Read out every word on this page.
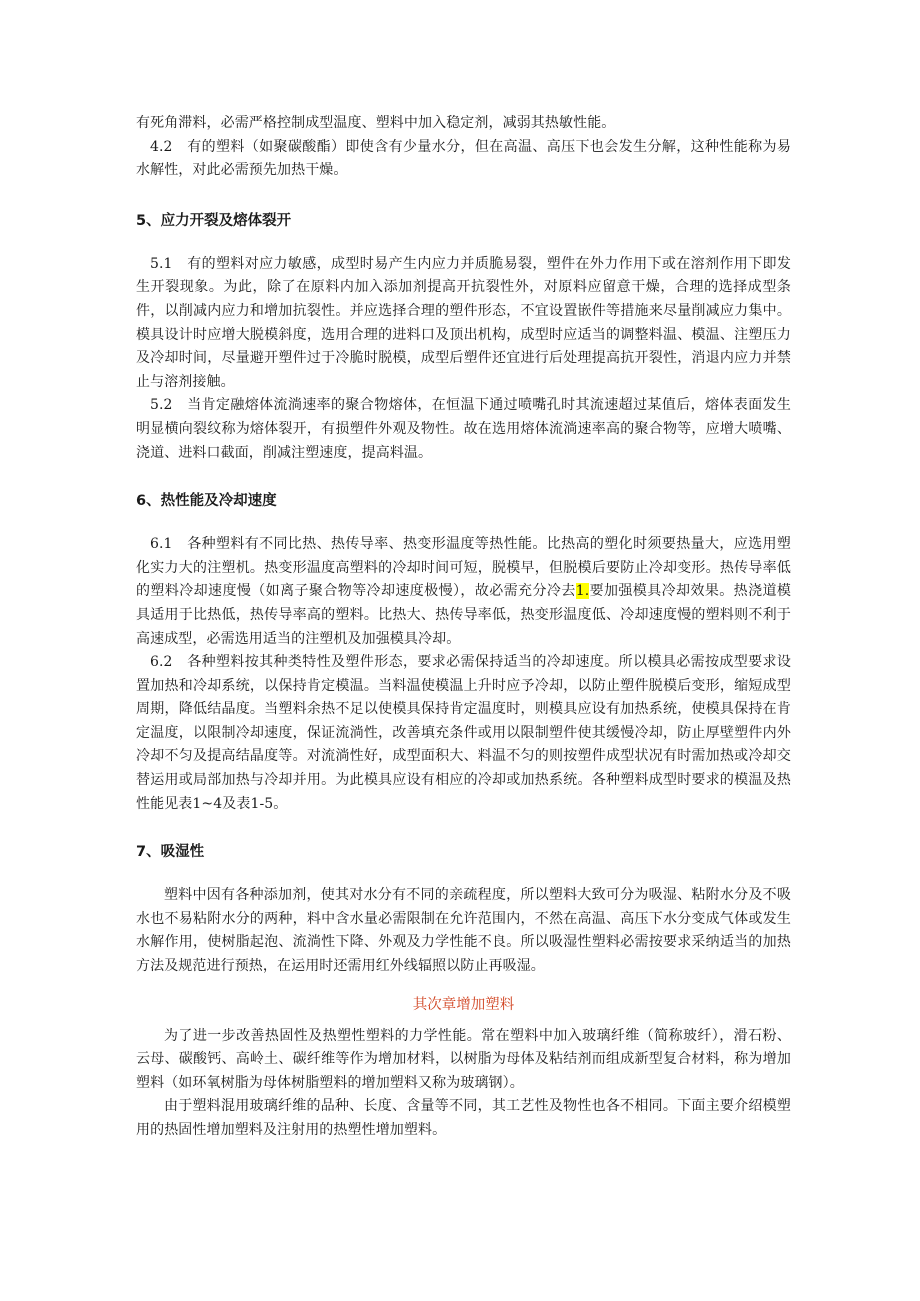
有死角滞料，必需严格控制成型温度、塑料中加入稳定剂，减弱其热敏性能。

4.2　有的塑料（如聚碳酸酯）即使含有少量水分，但在高温、高压下也会发生分解，这种性能称为易水解性，对此必需预先加热干燥。

5、应力开裂及熔体裂开

5.1　有的塑料对应力敏感，成型时易产生内应力并质脆易裂，塑件在外力作用下或在溶剂作用下即发生开裂现象。为此，除了在原料内加入添加剂提高开抗裂性外，对原料应留意干燥，合理的选择成型条件，以削减内应力和增加抗裂性。并应选择合理的塑件形态，不宜设置嵌件等措施来尽量削减应力集中。模具设计时应增大脱模斜度，选用合理的进料口及顶出机构，成型时应适当的调整料温、模温、注塑压力及冷却时间，尽量避开塑件过于冷脆时脱模，成型后塑件还宜进行后处理提高抗开裂性，消退内应力并禁止与溶剂接触。

5.2　当肯定融熔体流淌速率的聚合物熔体，在恒温下通过喷嘴孔时其流速超过某值后，熔体表面发生明显横向裂纹称为熔体裂开，有损塑件外观及物性。故在选用熔体流淌速率高的聚合物等，应增大喷嘴、浇道、进料口截面，削减注塑速度，提高料温。

6、热性能及冷却速度

6.1　各种塑料有不同比热、热传导率、热变形温度等热性能。比热高的塑化时须要热量大，应选用塑化实力大的注塑机。热变形温度高塑料的冷却时间可短，脱模早，但脱模后要防止冷却变形。热传导率低的塑料冷却速度慢（如离子聚合物等冷却速度极慢），故必需充分冷去1.要加强模具冷却效果。热浇道模具适用于比热低，热传导率高的塑料。比热大、热传导率低，热变形温度低、冷却速度慢的塑料则不利于高速成型，必需选用适当的注塑机及加强模具冷却。

6.2　各种塑料按其种类特性及塑件形态，要求必需保持适当的冷却速度。所以模具必需按成型要求设置加热和冷却系统，以保持肯定模温。当料温使模温上升时应予冷却，以防止塑件脱模后变形，缩短成型周期，降低结晶度。当塑料余热不足以使模具保持肯定温度时，则模具应设有加热系统，使模具保持在肯定温度，以限制冷却速度，保证流淌性，改善填充条件或用以限制塑件使其缓慢冷却，防止厚壁塑件内外冷却不匀及提高结晶度等。对流淌性好，成型面积大、料温不匀的则按塑件成型状况有时需加热或冷却交替运用或局部加热与冷却并用。为此模具应设有相应的冷却或加热系统。各种塑料成型时要求的模温及热性能见表1~4及表1-5。

7、吸湿性

塑料中因有各种添加剂，使其对水分有不同的亲疏程度，所以塑料大致可分为吸湿、粘附水分及不吸水也不易粘附水分的两种，料中含水量必需限制在允许范围内，不然在高温、高压下水分变成气体或发生水解作用，使树脂起泡、流淌性下降、外观及力学性能不良。所以吸湿性塑料必需按要求采纳适当的加热方法及规范进行预热，在运用时还需用红外线辐照以防止再吸湿。

其次章增加塑料

为了进一步改善热固性及热塑性塑料的力学性能。常在塑料中加入玻璃纤维（简称玻纤），滑石粉、云母、碳酸钙、高岭土、碳纤维等作为增加材料，以树脂为母体及粘结剂而组成新型复合材料，称为增加塑料（如环氧树脂为母体树脂塑料的增加塑料又称为玻璃钢）。

由于塑料混用玻璃纤维的品种、长度、含量等不同，其工艺性及物性也各不相同。下面主要介绍模塑用的热固性增加塑料及注射用的热塑性增加塑料。
